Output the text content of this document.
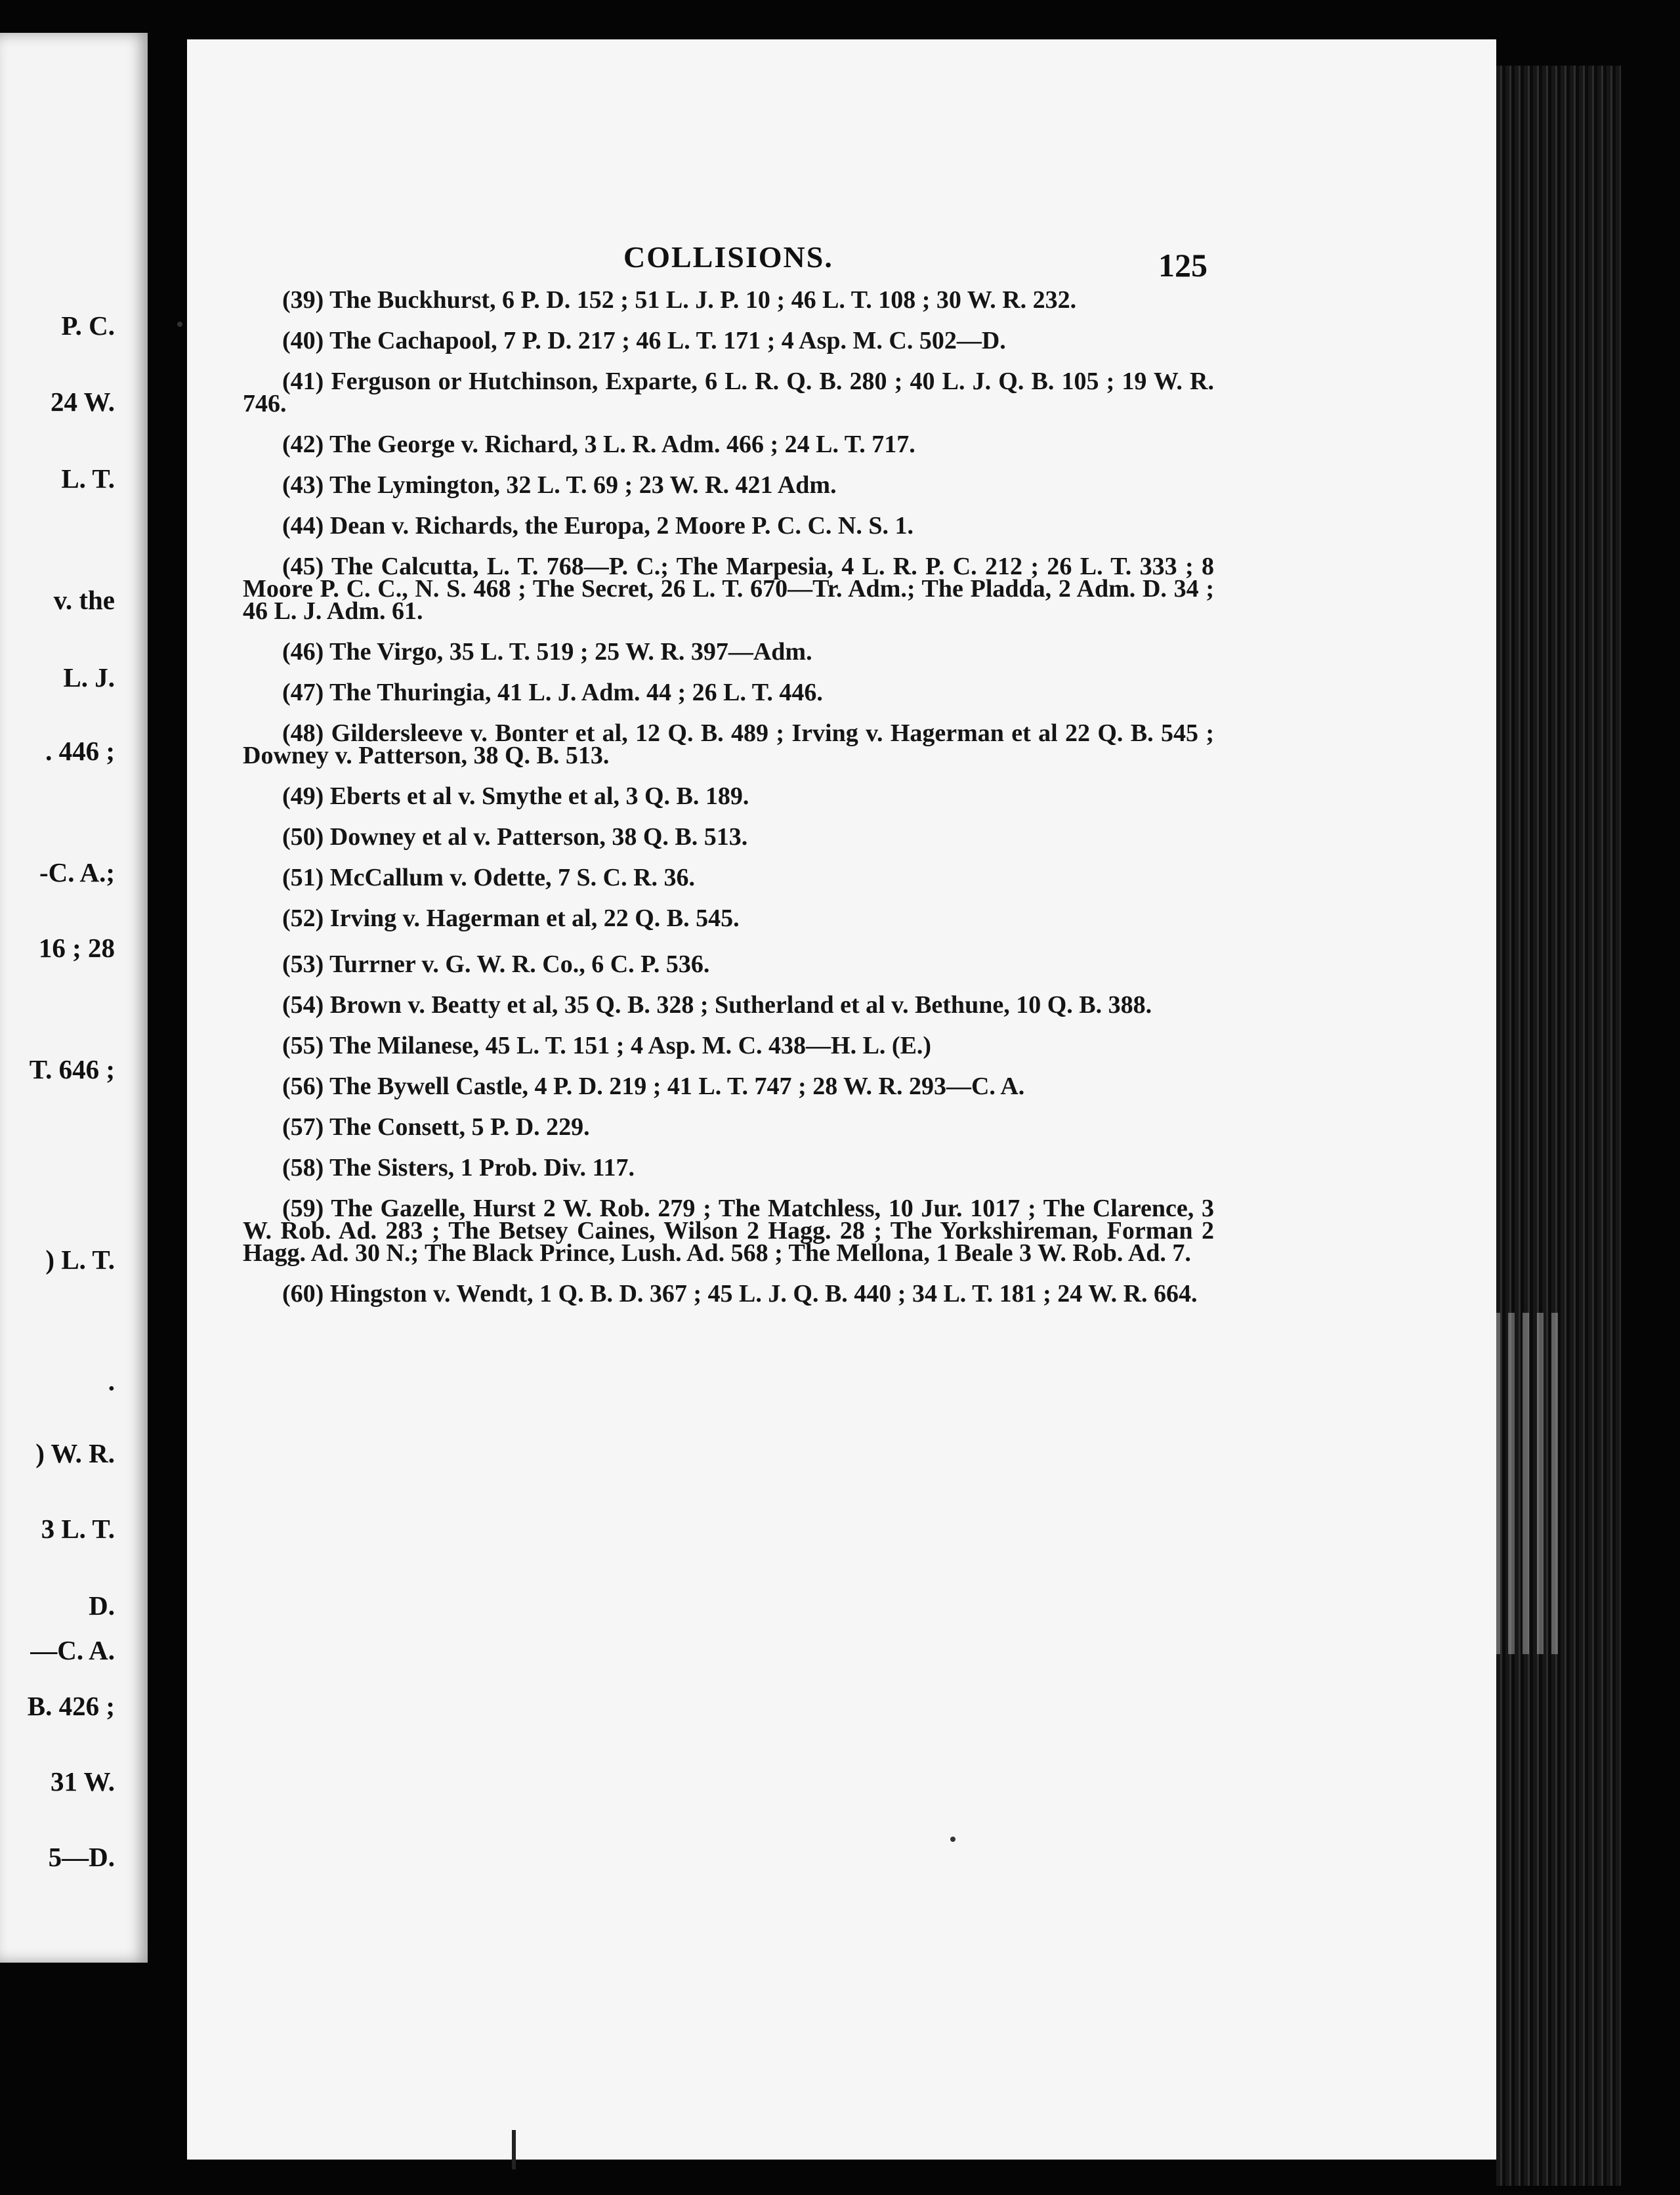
P. C.
24 W.
L. T.
v. the
L. J.
. 446 ;
-C. A.;
16 ; 28
T. 646 ;
) L. T.
.
) W. R.
3 L. T.
D.
—C. A.
B. 426 ;
31 W.
5—D.
COLLISIONS.	125

(39) The Buckhurst, 6 P. D. 152 ; 51 L. J. P. 10 ; 46 L. T. 108 ; 30 W. R. 232.

(40) The Cachapool, 7 P. D. 217 ; 46 L. T. 171 ; 4 Asp. M. C. 502—D.

(41) Ferguson or Hutchinson, Exparte, 6 L. R. Q. B. 280 ; 40 L. J. Q. B. 105 ; 19 W. R. 746.

(42) The George v. Richard, 3 L. R. Adm. 466 ; 24 L. T. 717.

(43) The Lymington, 32 L. T. 69 ; 23 W. R. 421 Adm.

(44) Dean v. Richards, the Europa, 2 Moore P. C. C. N. S. 1.

(45) The Calcutta, L. T. 768—P. C.; The Marpesia, 4 L. R. P. C. 212 ; 26 L. T. 333 ; 8 Moore P. C. C., N. S. 468 ; The Secret, 26 L. T. 670—Tr. Adm.; The Pladda, 2 Adm. D. 34 ; 46 L. J. Adm. 61.

(46) The Virgo, 35 L. T. 519 ; 25 W. R. 397—Adm.

(47) The Thuringia, 41 L. J. Adm. 44 ; 26 L. T. 446.

(48) Gildersleeve v. Bonter et al, 12 Q. B. 489 ; Irving v. Hagerman et al 22 Q. B. 545 ; Downey v. Patterson, 38 Q. B. 513.

(49) Eberts et al v. Smythe et al, 3 Q. B. 189.

(50) Downey et al v. Patterson, 38 Q. B. 513.

(51) McCallum v. Odette, 7 S. C. R. 36.

(52) Irving v. Hagerman et al, 22 Q. B. 545.

(53) Turrner v. G. W. R. Co., 6 C. P. 536.

(54) Brown v. Beatty et al, 35 Q. B. 328 ; Sutherland et al v. Bethune, 10 Q. B. 388.

(55) The Milanese, 45 L. T. 151 ; 4 Asp. M. C. 438—H. L. (E.)

(56) The Bywell Castle, 4 P. D. 219 ; 41 L. T. 747 ; 28 W. R. 293—C. A.

(57) The Consett, 5 P. D. 229.

(58) The Sisters, 1 Prob. Div. 117.

(59) The Gazelle, Hurst 2 W. Rob. 279 ; The Matchless, 10 Jur. 1017 ; The Clarence, 3 W. Rob. Ad. 283 ; The Betsey Caines, Wilson 2 Hagg. 28 ; The Yorkshireman, Forman 2 Hagg. Ad. 30 N.; The Black Prince, Lush. Ad. 568 ; The Mellona, 1 Beale 3 W. Rob. Ad. 7.

(60) Hingston v. Wendt, 1 Q. B. D. 367 ; 45 L. J. Q. B. 440 ; 34 L. T. 181 ; 24 W. R. 664.
